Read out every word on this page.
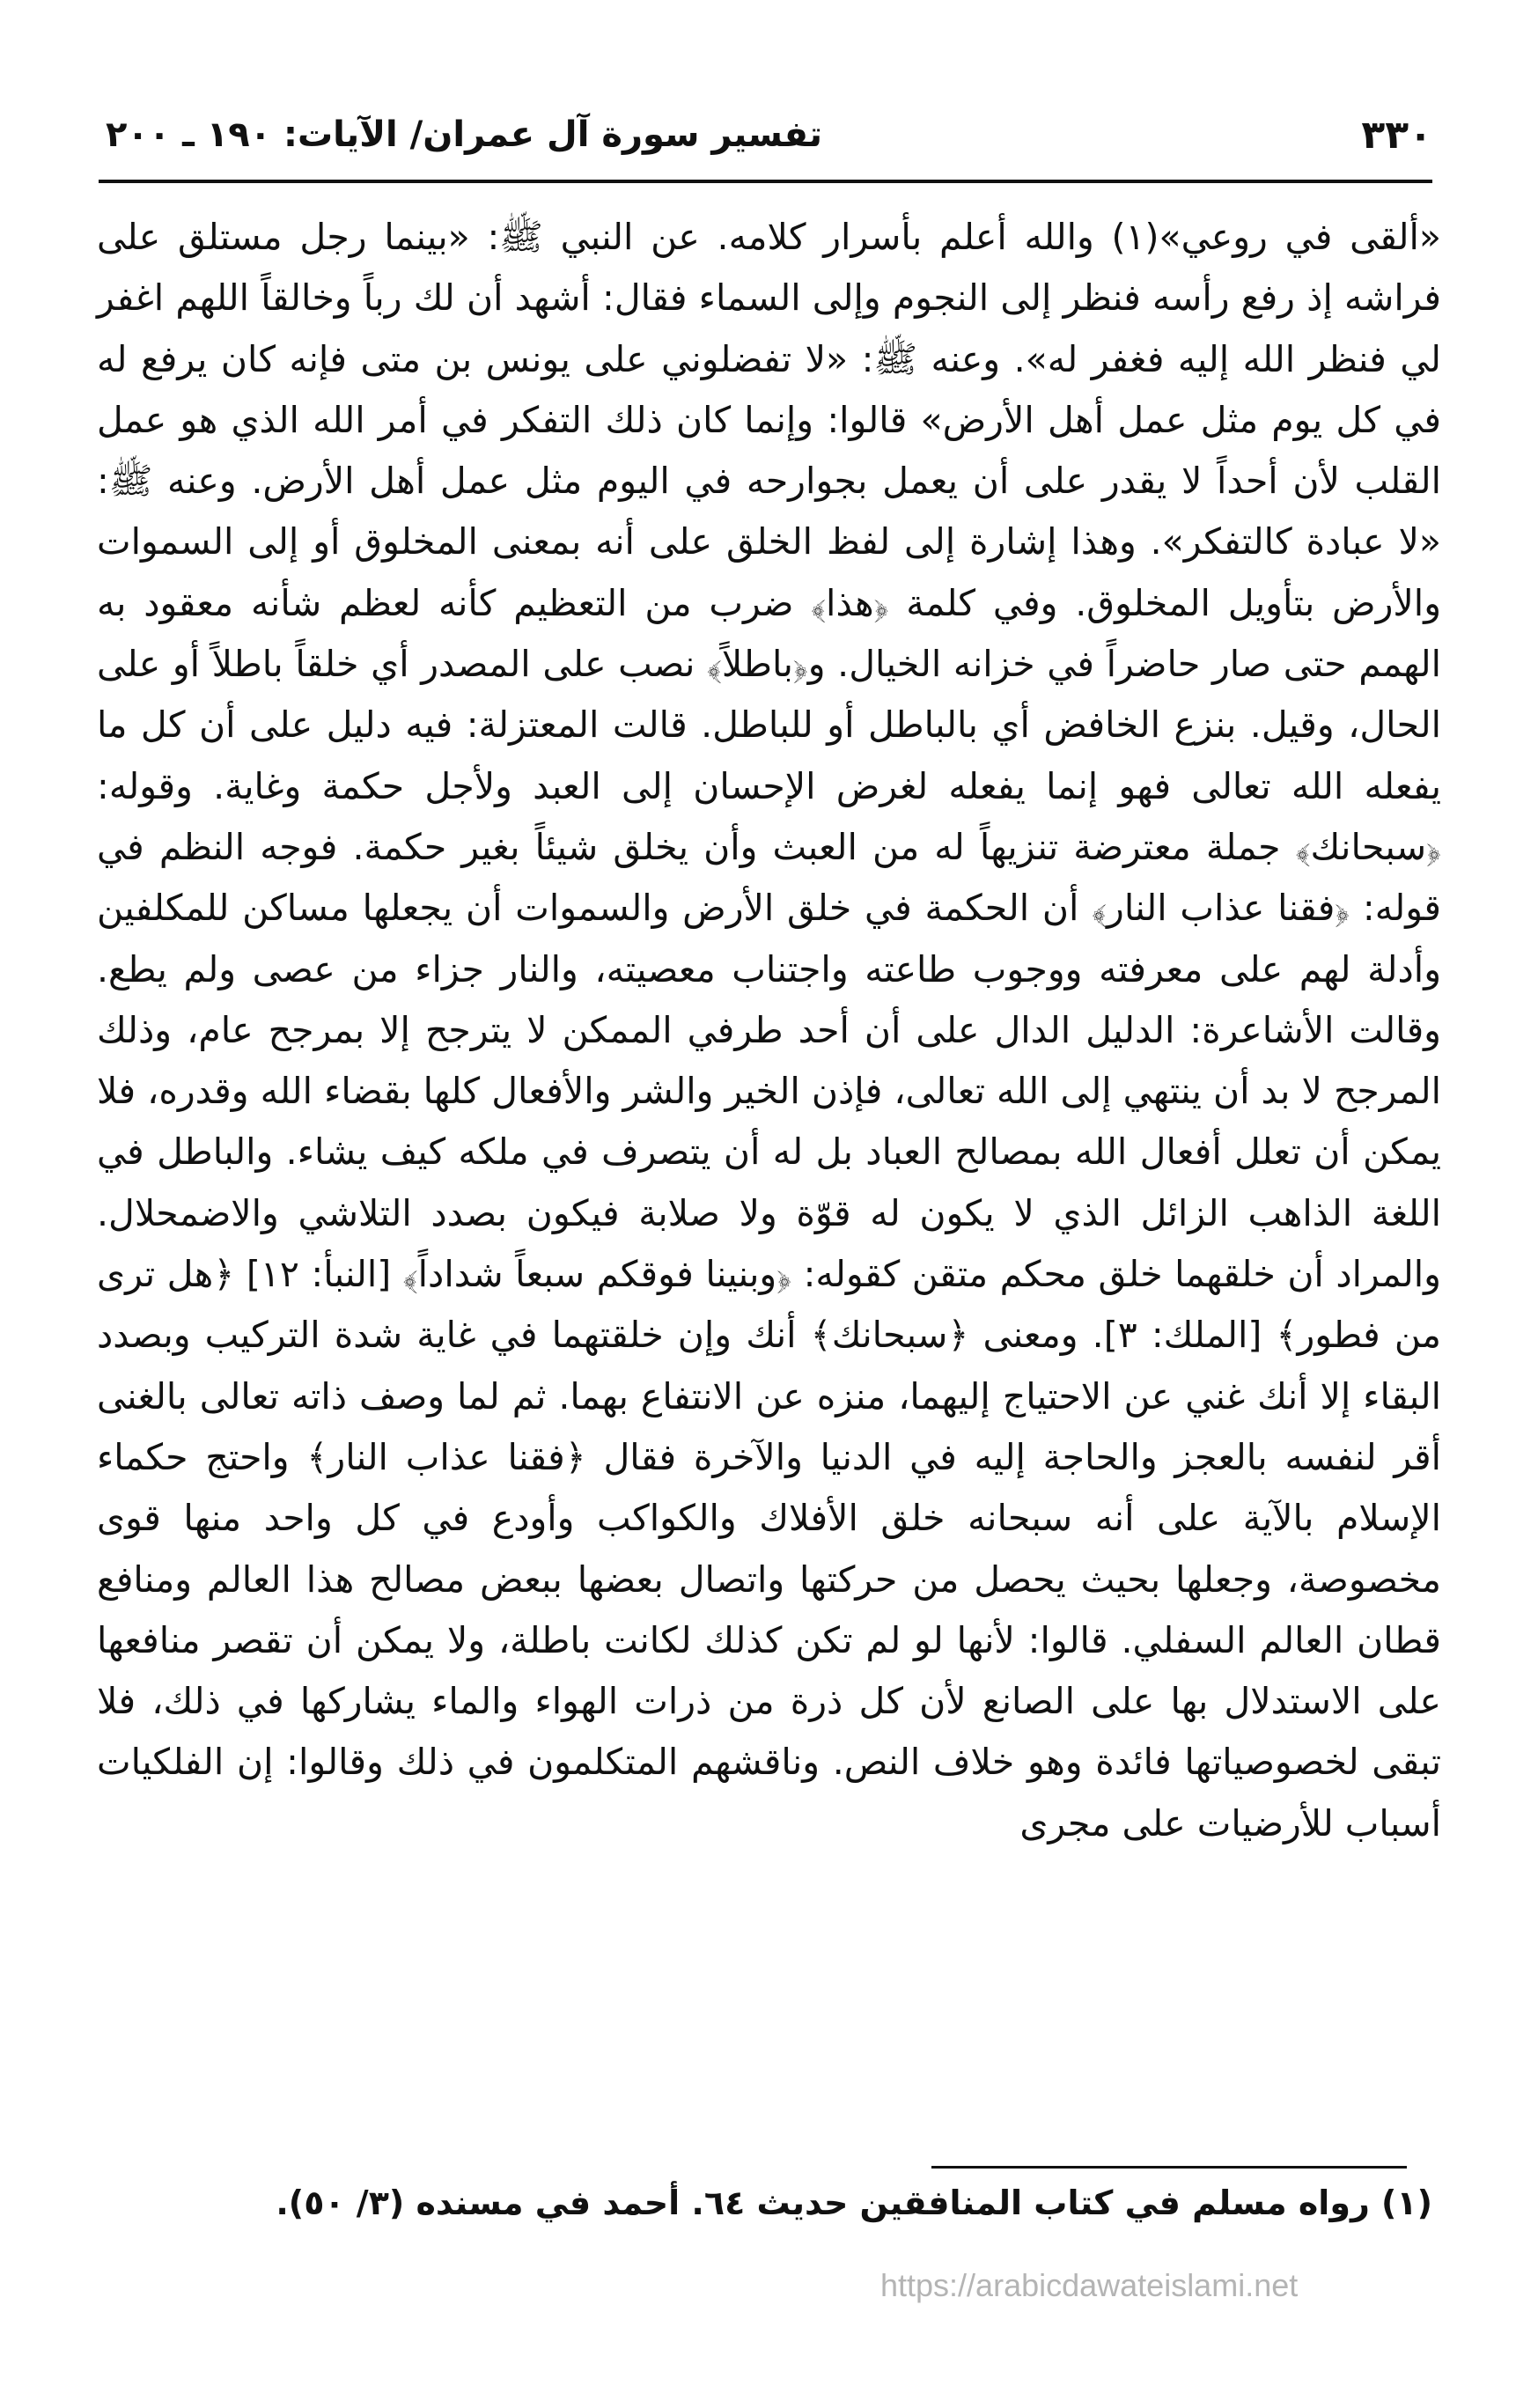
٣٣٠
تفسير سورة آل عمران/ الآيات: ١٩٠ ـ ٢٠٠

«ألقى في روعي»(١) والله أعلم بأسرار كلامه. عن النبي ﷺ: «بينما رجل مستلق على فراشه إذ رفع رأسه فنظر إلى النجوم وإلى السماء فقال: أشهد أن لك رباً وخالقاً اللهم اغفر لي فنظر الله إليه فغفر له». وعنه ﷺ: «لا تفضلوني على يونس بن متى فإنه كان يرفع له في كل يوم مثل عمل أهل الأرض» قالوا: وإنما كان ذلك التفكر في أمر الله الذي هو عمل القلب لأن أحداً لا يقدر على أن يعمل بجوارحه في اليوم مثل عمل أهل الأرض. وعنه ﷺ: «لا عبادة كالتفكر». وهذا إشارة إلى لفظ الخلق على أنه بمعنى المخلوق أو إلى السموات والأرض بتأويل المخلوق. وفي كلمة ﴿هذا﴾ ضرب من التعظيم كأنه لعظم شأنه معقود به الهمم حتى صار حاضراً في خزانه الخيال. و﴿باطلاً﴾ نصب على المصدر أي خلقاً باطلاً أو على الحال، وقيل. بنزع الخافض أي بالباطل أو للباطل. قالت المعتزلة: فيه دليل على أن كل ما يفعله الله تعالى فهو إنما يفعله لغرض الإحسان إلى العبد ولأجل حكمة وغاية. وقوله: ﴿سبحانك﴾ جملة معترضة تنزيهاً له من العبث وأن يخلق شيئاً بغير حكمة. فوجه النظم في قوله: ﴿فقنا عذاب النار﴾ أن الحكمة في خلق الأرض والسموات أن يجعلها مساكن للمكلفين وأدلة لهم على معرفته ووجوب طاعته واجتناب معصيته، والنار جزاء من عصى ولم يطع. وقالت الأشاعرة: الدليل الدال على أن أحد طرفي الممكن لا يترجح إلا بمرجح عام، وذلك المرجح لا بد أن ينتهي إلى الله تعالى، فإذن الخير والشر والأفعال كلها بقضاء الله وقدره، فلا يمكن أن تعلل أفعال الله بمصالح العباد بل له أن يتصرف في ملكه كيف يشاء. والباطل في اللغة الذاهب الزائل الذي لا يكون له قوّة ولا صلابة فيكون بصدد التلاشي والاضمحلال. والمراد أن خلقهما خلق محكم متقن كقوله: ﴿وبنينا فوقكم سبعاً شداداً﴾ [النبأ: ١٢] ﴿هل ترى من فطور﴾ [الملك: ٣]. ومعنى ﴿سبحانك﴾ أنك وإن خلقتهما في غاية شدة التركيب وبصدد البقاء إلا أنك غني عن الاحتياج إليهما، منزه عن الانتفاع بهما. ثم لما وصف ذاته تعالى بالغنى أقر لنفسه بالعجز والحاجة إليه في الدنيا والآخرة فقال ﴿فقنا عذاب النار﴾ واحتج حكماء الإسلام بالآية على أنه سبحانه خلق الأفلاك والكواكب وأودع في كل واحد منها قوى مخصوصة، وجعلها بحيث يحصل من حركتها واتصال بعضها ببعض مصالح هذا العالم ومنافع قطان العالم السفلي. قالوا: لأنها لو لم تكن كذلك لكانت باطلة، ولا يمكن أن تقصر منافعها على الاستدلال بها على الصانع لأن كل ذرة من ذرات الهواء والماء يشاركها في ذلك، فلا تبقى لخصوصياتها فائدة وهو خلاف النص. وناقشهم المتكلمون في ذلك وقالوا: إن الفلكيات أسباب للأرضيات على مجرى

(١) رواه مسلم في كتاب المنافقين حديث ٦٤. أحمد في مسنده (٣/ ٥٠).
https://arabicdawateislami.net
